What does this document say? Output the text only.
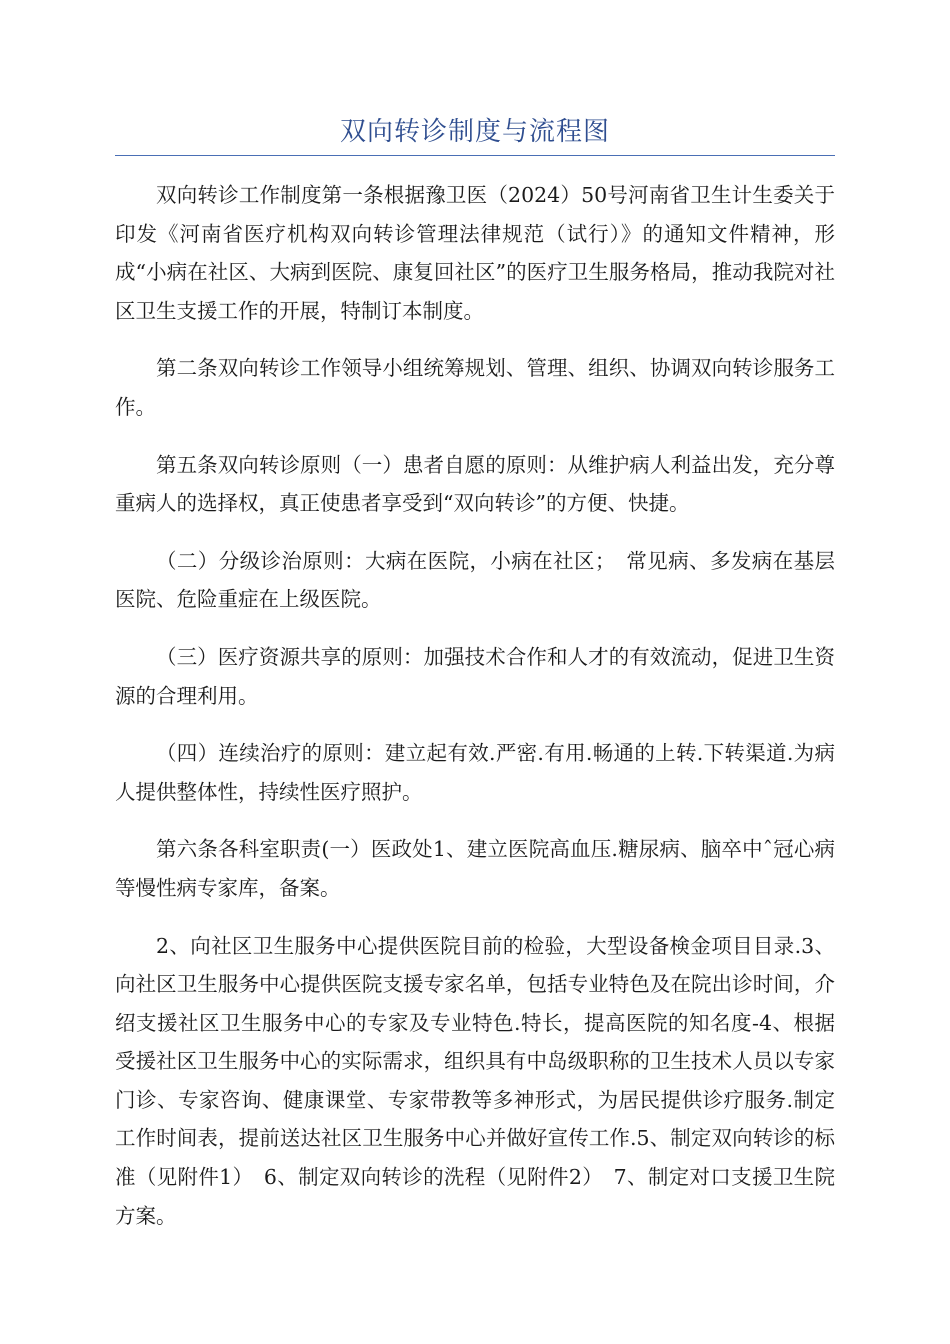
双向转诊制度与流程图

双向转诊工作制度第一条根据豫卫医（2024）50号河南省卫生计生委关于印发《河南省医疗机构双向转诊管理法律规范（试行）》的通知文件精神，形成“小病在社区、大病到医院、康复回社区”的医疗卫生服务格局，推动我院对社区卫生支援工作的开展，特制订本制度。

第二条双向转诊工作领导小组统筹规划、管理、组织、协调双向转诊服务工作。

第五条双向转诊原则（一）患者自愿的原则：从维护病人利益出发，充分尊重病人的选择权，真正使患者享受到“双向转诊”的方便、快捷。

（二）分级诊治原则：大病在医院，小病在社区；　常见病、多发病在基层医院、危险重症在上级医院。

（三）医疗资源共享的原则：加强技术合作和人才的有效流动，促进卫生资源的合理利用。

（四）连续治疗的原则：建立起有效.严密.有用.畅通的上转.下转渠道.为病人提供整体性，持续性医疗照护。

第六条各科室职责(一）医政处1、建立医院高血压.糖尿病、脑卒中ˆ冠心病等慢性病专家库，备案。

2、向社区卫生服务中心提供医院目前的检验，大型设备検金项目目录.3、向社区卫生服务中心提供医院支援专家名单，包括专业特色及在院出诊时间，介绍支援社区卫生服务中心的专家及专业特色.特长，提高医院的知名度-4、根据受援社区卫生服务中心的实际需求，组织具有中岛级职称的卫生技术人员以专家门诊、专家咨询、健康课堂、专家带教等多神形式，为居民提供诊疗服务.制定工作时间表，提前送达社区卫生服务中心并做好宣传工作.5、制定双向转诊的标准（见附件1）　6、制定双向转诊的洗程（见附件2）　7、制定对口支援卫生院方案。
